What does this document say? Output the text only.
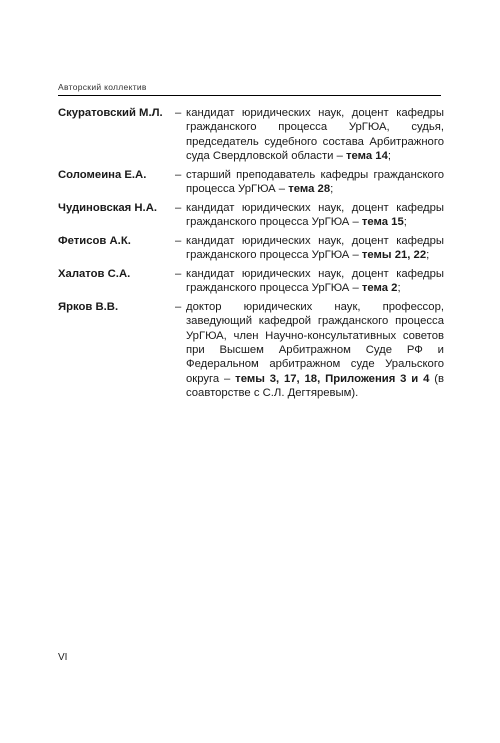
Авторский коллектив
Скуратовский М.Л.	– кандидат юридических наук, доцент кафедры гражданского процесса УрГЮА, судья, председатель судебного состава Арбитражного суда Свердловской области – тема 14;
Соломеина Е.А.	– старший преподаватель кафедры гражданского процесса УрГЮА – тема 28;
Чудиновская Н.А.	– кандидат юридических наук, доцент кафедры гражданского процесса УрГЮА – тема 15;
Фетисов А.К.	– кандидат юридических наук, доцент кафедры гражданского процесса УрГЮА – темы 21, 22;
Халатов С.А.	– кандидат юридических наук, доцент кафедры гражданского процесса УрГЮА – тема 2;
Ярков В.В.	– доктор юридических наук, профессор, заведующий кафедрой гражданского процесса УрГЮА, член Научно-консультативных советов при Высшем Арбитражном Суде РФ и Федеральном арбитражном суде Уральского округа – темы 3, 17, 18, Приложения 3 и 4 (в соавторстве с С.Л. Дегтяревым).
VI
